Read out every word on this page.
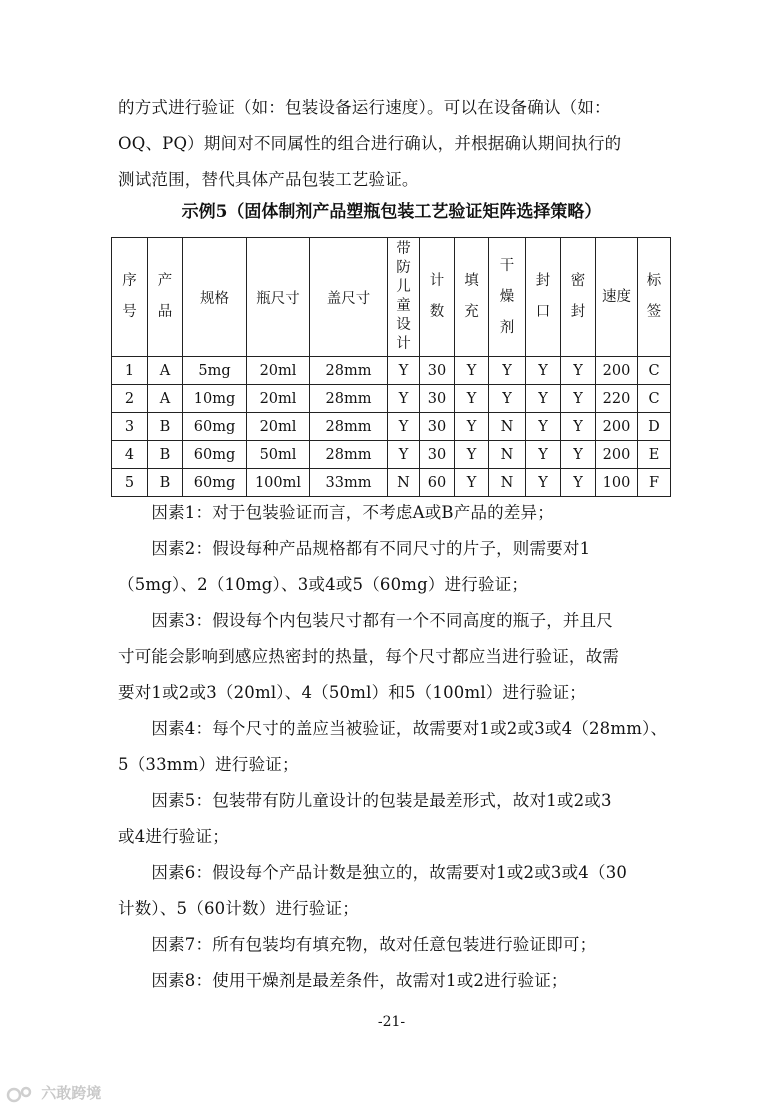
的方式进行验证（如：包装设备运行速度）。可以在设备确认（如：
OQ、PQ）期间对不同属性的组合进行确认，并根据确认期间执行的
测试范围，替代具体产品包装工艺验证。
示例5（固体制剂产品塑瓶包装工艺验证矩阵选择策略）
序号	产品	规格	瓶尺寸	盖尺寸	带防儿童设计	计数	填充	干燥剂	封口	密封	速度	标签

1	A	5mg	20ml	28mm	Y	30	Y	Y	Y	Y	200	C
2	A	10mg	20ml	28mm	Y	30	Y	Y	Y	Y	220	C
3	B	60mg	20ml	28mm	Y	30	Y	N	Y	Y	200	D
4	B	60mg	50ml	28mm	Y	30	Y	N	Y	Y	200	E
5	B	60mg	100ml	33mm	N	60	Y	N	Y	Y	100	F
　　因素1：对于包装验证而言，不考虑A或B产品的差异；
　　因素2：假设每种产品规格都有不同尺寸的片子，则需要对1
（5mg）、2（10mg）、3或4或5（60mg）进行验证；
　　因素3：假设每个内包装尺寸都有一个不同高度的瓶子，并且尺
寸可能会影响到感应热密封的热量，每个尺寸都应当进行验证，故需
要对1或2或3（20ml）、4（50ml）和5（100ml）进行验证；
　　因素4：每个尺寸的盖应当被验证，故需要对1或2或3或4（28mm）、
5（33mm）进行验证；
　　因素5：包装带有防儿童设计的包装是最差形式，故对1或2或3
或4进行验证；
　　因素6：假设每个产品计数是独立的，故需要对1或2或3或4（30
计数）、5（60计数）进行验证；
　　因素7：所有包装均有填充物，故对任意包装进行验证即可；
　　因素8：使用干燥剂是最差条件，故需对1或2进行验证；
-21-
六敢跨境
